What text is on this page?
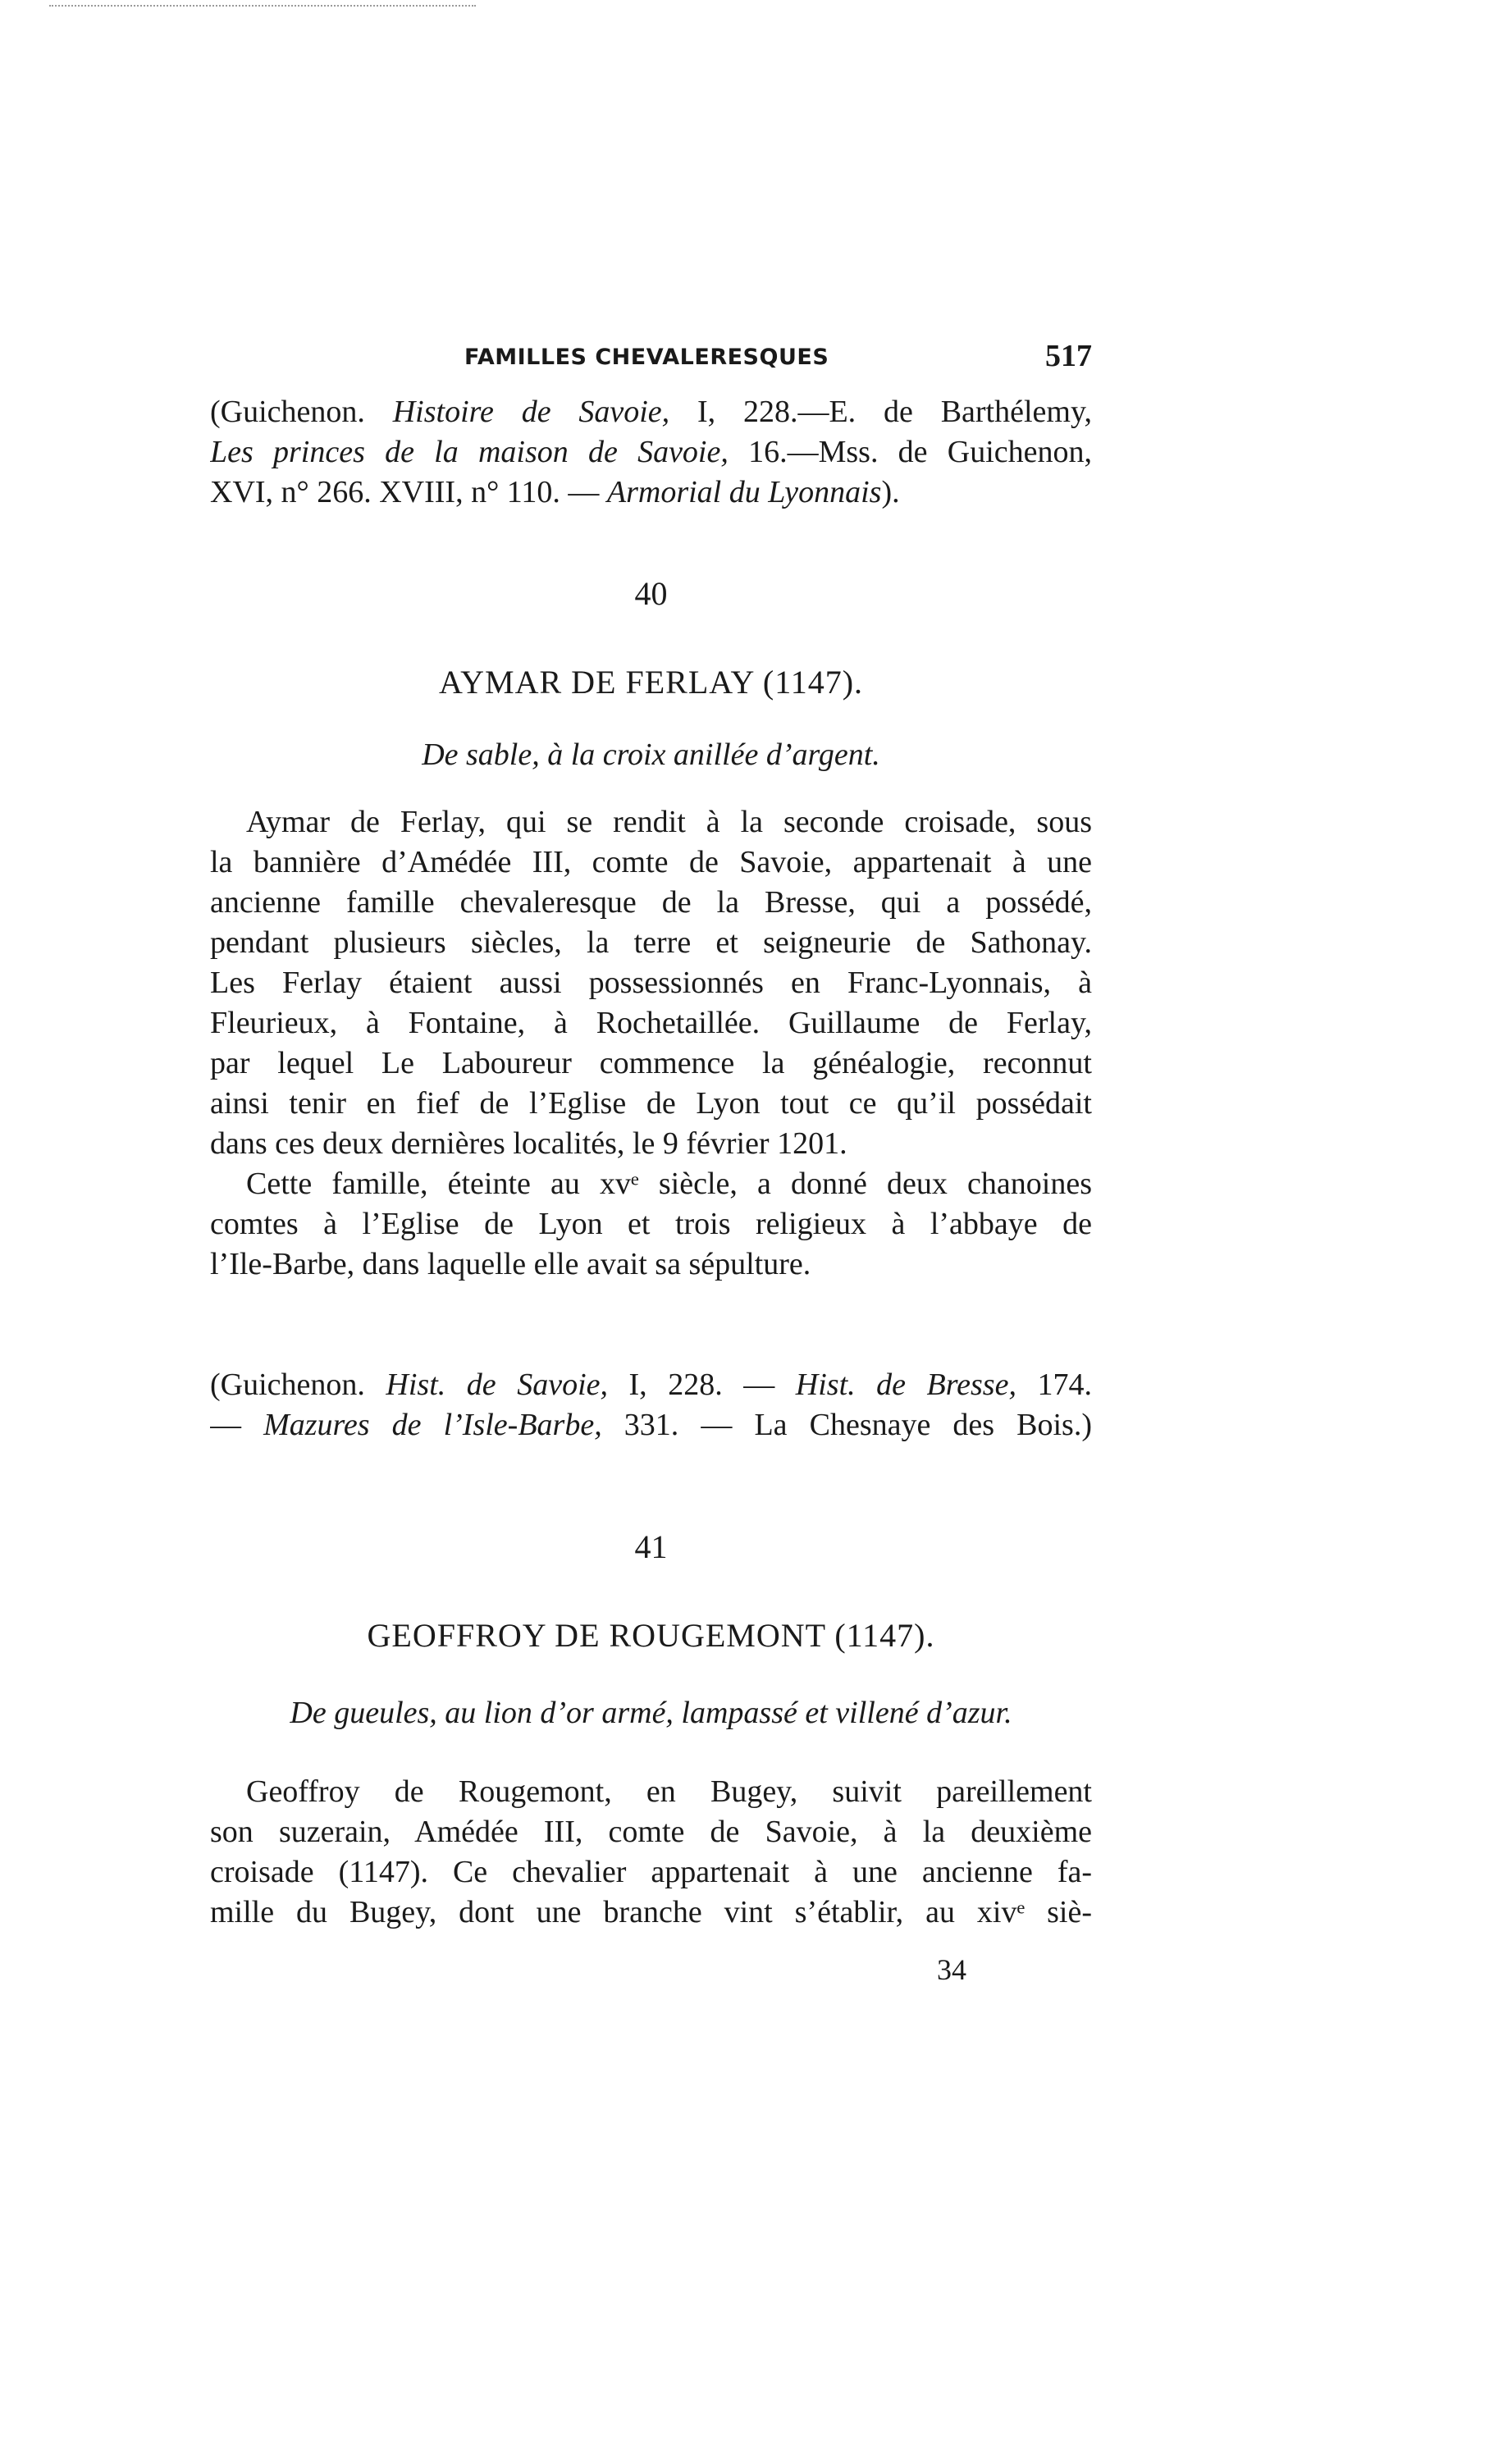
FAMILLES CHEVALERESQUES	517
(Guichenon. Histoire de Savoie, I, 228.—E. de Barthélemy,
Les princes de la maison de Savoie, 16.—Mss. de Guichenon,
XVI, n° 266. XVIII, n° 110. — Armorial du Lyonnais).
40
AYMAR DE FERLAY (1147).
De sable, à la croix anillée d’argent.
Aymar de Ferlay, qui se rendit à la seconde croisade, sous
la bannière d’Amédée III, comte de Savoie, appartenait à une
ancienne famille chevaleresque de la Bresse, qui a possédé,
pendant plusieurs siècles, la terre et seigneurie de Sathonay.
Les Ferlay étaient aussi possessionnés en Franc-Lyonnais, à
Fleurieux, à Fontaine, à Rochetaillée. Guillaume de Ferlay,
par lequel Le Laboureur commence la généalogie, reconnut
ainsi tenir en fief de l’Eglise de Lyon tout ce qu’il possédait
dans ces deux dernières localités, le 9 février 1201.
Cette famille, éteinte au xvᵉ siècle, a donné deux chanoines
comtes à l’Eglise de Lyon et trois religieux à l’abbaye de
l’Ile-Barbe, dans laquelle elle avait sa sépulture.
(Guichenon. Hist. de Savoie, I, 228. — Hist. de Bresse, 174.
— Mazures de l’Isle-Barbe, 331. — La Chesnaye des Bois.)
41
GEOFFROY DE ROUGEMONT (1147).
De gueules, au lion d’or armé, lampassé et villené d’azur.
Geoffroy de Rougemont, en Bugey, suivit pareillement
son suzerain, Amédée III, comte de Savoie, à la deuxième
croisade (1147). Ce chevalier appartenait à une ancienne fa-
mille du Bugey, dont une branche vint s’établir, au xivᵉ siè-
34
